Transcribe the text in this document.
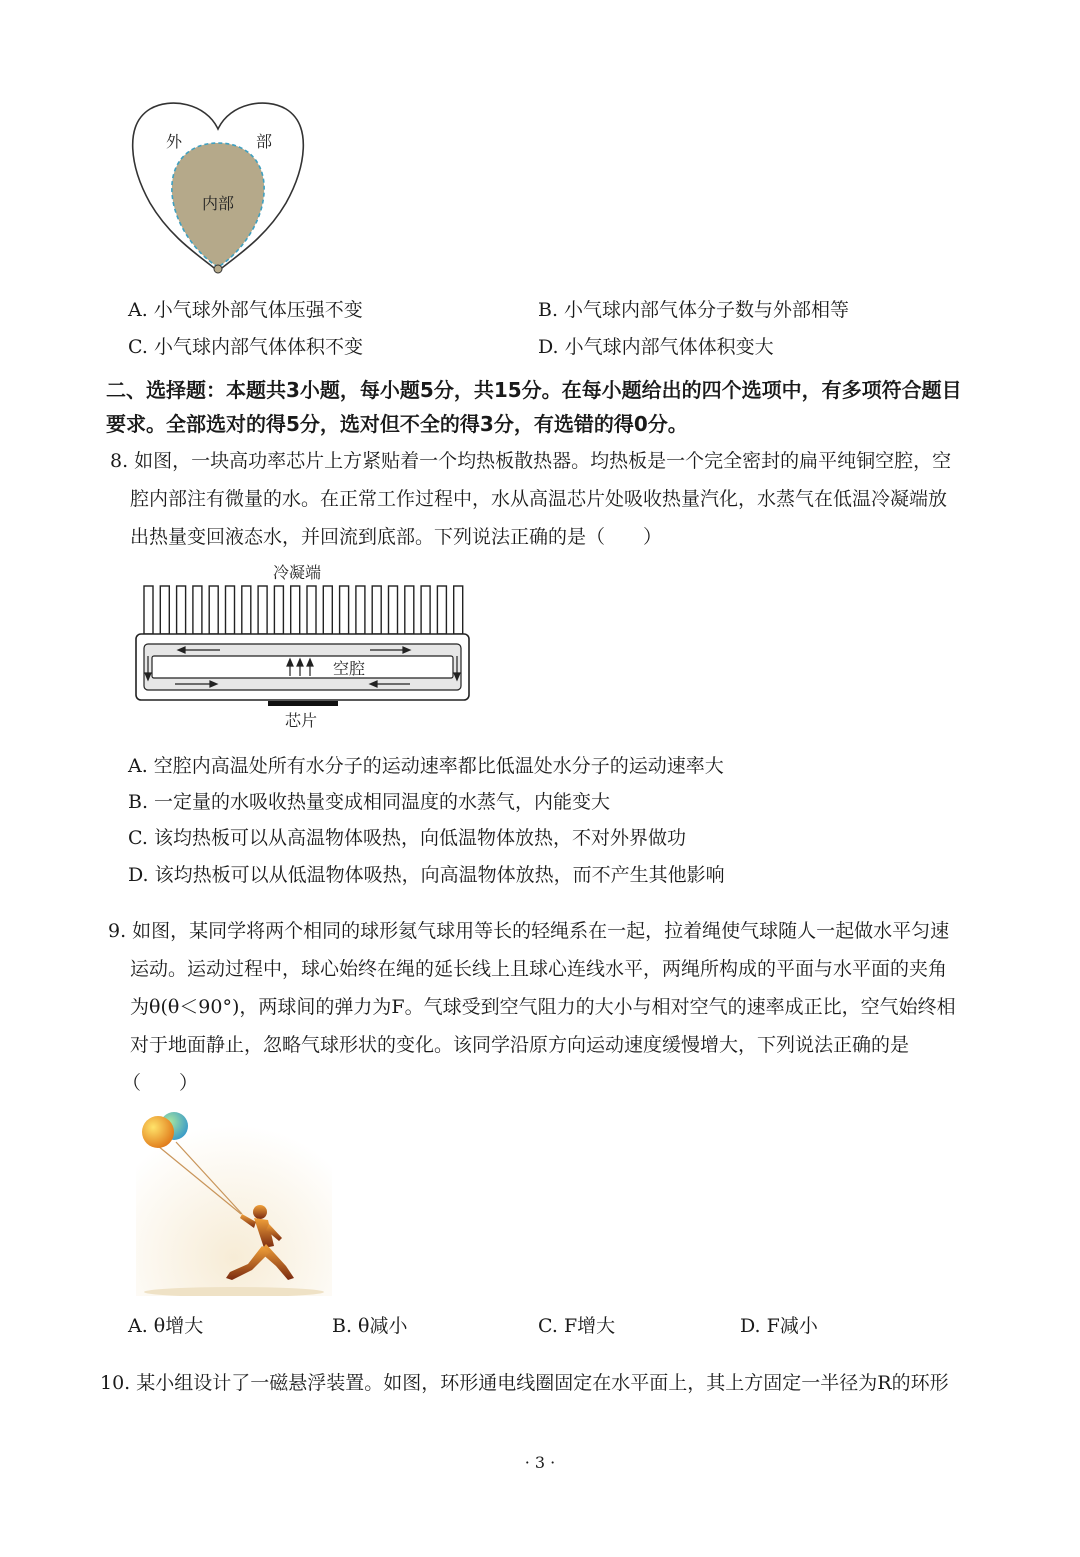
外	部
内部
A. 小气球外部气体压强不变	B. 小气球内部气体分子数与外部相等
C. 小气球内部气体体积不变	D. 小气球内部气体体积变大
二、选择题：本题共3小题，每小题5分，共15分。在每小题给出的四个选项中，有多项符合题目
要求。全部选对的得5分，选对但不全的得3分，有选错的得0分。
8. 如图，一块高功率芯片上方紧贴着一个均热板散热器。均热板是一个完全密封的扁平纯铜空腔，空
腔内部注有微量的水。在正常工作过程中，水从高温芯片处吸收热量汽化，水蒸气在低温冷凝端放
出热量变回液态水，并回流到底部。下列说法正确的是（　　）
冷凝端
空腔
芯片
A. 空腔内高温处所有水分子的运动速率都比低温处水分子的运动速率大
B. 一定量的水吸收热量变成相同温度的水蒸气，内能变大
C. 该均热板可以从高温物体吸热，向低温物体放热，不对外界做功
D. 该均热板可以从低温物体吸热，向高温物体放热，而不产生其他影响
9. 如图，某同学将两个相同的球形氦气球用等长的轻绳系在一起，拉着绳使气球随人一起做水平匀速
运动。运动过程中，球心始终在绳的延长线上且球心连线水平，两绳所构成的平面与水平面的夹角
为θ(θ＜90°)，两球间的弹力为F。气球受到空气阻力的大小与相对空气的速率成正比，空气始终相
对于地面静止，忽略气球形状的变化。该同学沿原方向运动速度缓慢增大，下列说法正确的是
（　　）
A. θ增大	B. θ减小	C. F增大	D. F减小
10. 某小组设计了一磁悬浮装置。如图，环形通电线圈固定在水平面上，其上方固定一半径为R的环形
· 3 ·
